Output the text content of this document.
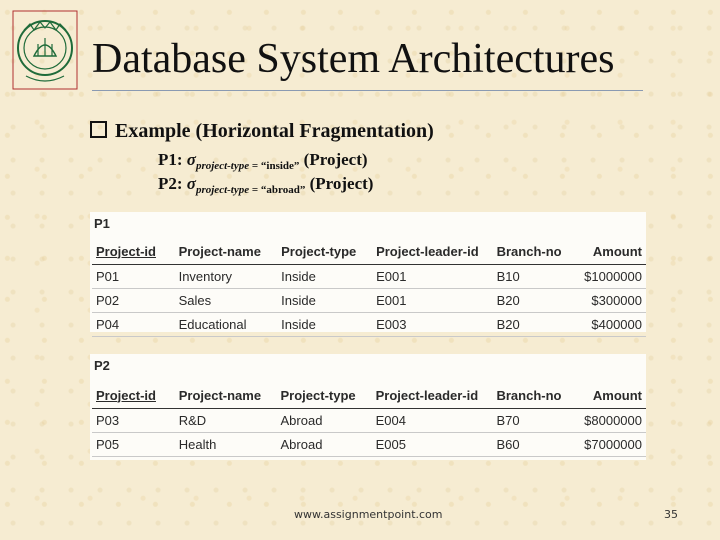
Database System Architectures
Example (Horizontal Fragmentation)
P1: $\sigma_{project-type = “inside”}$ (Project)
P2: $\sigma_{project-type = “abroad”}$ (Project)
P1
Project-id	Project-name	Project-type	Project-leader-id	Branch-no	Amount
P01	Inventory	Inside	E001	B10	$1000000
P02	Sales	Inside	E001	B20	$300000
P04	Educational	Inside	E003	B20	$400000
P2
Project-id	Project-name	Project-type	Project-leader-id	Branch-no	Amount
P03	R&D	Abroad	E004	B70	$8000000
P05	Health	Abroad	E005	B60	$7000000
www.assignmentpoint.com	35
